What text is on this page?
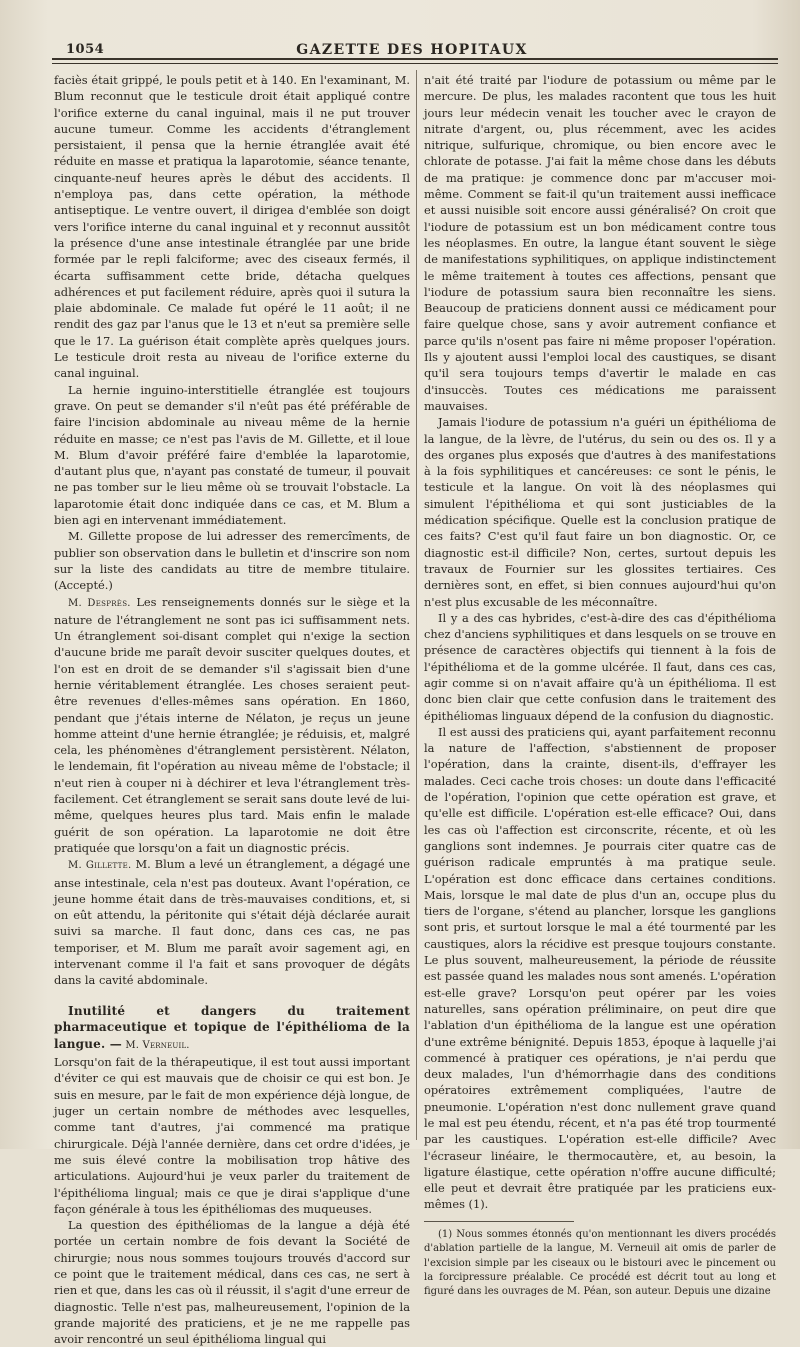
1054	GAZETTE DES HOPITAUX

faciès était grippé, le pouls petit et à 140. En l'examinant, M. Blum reconnut que le testicule droit était appliqué contre l'orifice externe du canal inguinal, mais il ne put trouver aucune tumeur. Comme les accidents d'étranglement persistaient, il pensa que la hernie étranglée avait été réduite en masse et pratiqua la laparotomie, séance tenante, cinquante-neuf heures après le début des accidents. Il n'employa pas, dans cette opération, la méthode antiseptique. Le ventre ouvert, il dirigea d'emblée son doigt vers l'orifice interne du canal inguinal et y reconnut aussitôt la présence d'une anse intestinale étranglée par une bride formée par le repli falciforme; avec des ciseaux fermés, il écarta suffisamment cette bride, détacha quelques adhérences et put facilement réduire, après quoi il sutura la plaie abdominale. Ce malade fut opéré le 11 août; il ne rendit des gaz par l'anus que le 13 et n'eut sa première selle que le 17. La guérison était complète après quelques jours. Le testicule droit resta au niveau de l'orifice externe du canal inguinal.

La hernie inguino-interstitielle étranglée est toujours grave. On peut se demander s'il n'eût pas été préférable de faire l'incision abdominale au niveau même de la hernie réduite en masse; ce n'est pas l'avis de M. Gillette, et il loue M. Blum d'avoir préféré faire d'emblée la laparotomie, d'autant plus que, n'ayant pas constaté de tumeur, il pouvait ne pas tomber sur le lieu même où se trouvait l'obstacle. La laparotomie était donc indiquée dans ce cas, et M. Blum a bien agi en intervenant immédiatement.

M. Gillette propose de lui adresser des remercîments, de publier son observation dans le bulletin et d'inscrire son nom sur la liste des candidats au titre de membre titulaire. (Accepté.)

M. Desprès. Les renseignements donnés sur le siège et la nature de l'étranglement ne sont pas ici suffisamment nets. Un étranglement soi-disant complet qui n'exige la section d'aucune bride me paraît devoir susciter quelques doutes, et l'on est en droit de se demander s'il s'agissait bien d'une hernie véritablement étranglée. Les choses seraient peut-être revenues d'elles-mêmes sans opération. En 1860, pendant que j'étais interne de Nélaton, je reçus un jeune homme atteint d'une hernie étranglée; je réduisis, et, malgré cela, les phénomènes d'étranglement persistèrent. Nélaton, le lendemain, fit l'opération au niveau même de l'obstacle; il n'eut rien à couper ni à déchirer et leva l'étranglement très-facilement. Cet étranglement se serait sans doute levé de lui-même, quelques heures plus tard. Mais enfin le malade guérit de son opération. La laparotomie ne doit être pratiquée que lorsqu'on a fait un diagnostic précis.

M. Gillette. M. Blum a levé un étranglement, a dégagé une anse intestinale, cela n'est pas douteux. Avant l'opération, ce jeune homme était dans de très-mauvaises conditions, et, si on eût attendu, la péritonite qui s'était déjà déclarée aurait suivi sa marche. Il faut donc, dans ces cas, ne pas temporiser, et M. Blum me paraît avoir sagement agi, en intervenant comme il l'a fait et sans provoquer de dégâts dans la cavité abdominale.

Inutilité et dangers du traitement pharmaceutique et topique de l'épithélioma de la langue. — M. Verneuil.

Lorsqu'on fait de la thérapeutique, il est tout aussi important d'éviter ce qui est mauvais que de choisir ce qui est bon. Je suis en mesure, par le fait de mon expérience déjà longue, de juger un certain nombre de méthodes avec lesquelles, comme tant d'autres, j'ai commencé ma pratique chirurgicale. Déjà l'année dernière, dans cet ordre d'idées, je me suis élevé contre la mobilisation trop hâtive des articulations. Aujourd'hui je veux parler du traitement de l'épithélioma lingual; mais ce que je dirai s'applique d'une façon générale à tous les épithéliomas des muqueuses.

La question des épithéliomas de la langue a déjà été portée un certain nombre de fois devant la Société de chirurgie; nous nous sommes toujours trouvés d'accord sur ce point que le traitement médical, dans ces cas, ne sert à rien et que, dans les cas où il réussit, il s'agit d'une erreur de diagnostic. Telle n'est pas, malheureusement, l'opinion de la grande majorité des praticiens, et je ne me rappelle pas avoir rencontré un seul épithélioma lingual qui

n'ait été traité par l'iodure de potassium ou même par le mercure. De plus, les malades racontent que tous les huit jours leur médecin venait les toucher avec le crayon de nitrate d'argent, ou, plus récemment, avec les acides nitrique, sulfurique, chromique, ou bien encore avec le chlorate de potasse. J'ai fait la même chose dans les débuts de ma pratique: je commence donc par m'accuser moi-même. Comment se fait-il qu'un traitement aussi inefficace et aussi nuisible soit encore aussi généralisé? On croit que l'iodure de potassium est un bon médicament contre tous les néoplasmes. En outre, la langue étant souvent le siège de manifestations syphilitiques, on applique indistinctement le même traitement à toutes ces affections, pensant que l'iodure de potassium saura bien reconnaître les siens. Beaucoup de praticiens donnent aussi ce médicament pour faire quelque chose, sans y avoir autrement confiance et parce qu'ils n'osent pas faire ni même proposer l'opération. Ils y ajoutent aussi l'emploi local des caustiques, se disant qu'il sera toujours temps d'avertir le malade en cas d'insuccès. Toutes ces médications me paraissent mauvaises.

Jamais l'iodure de potassium n'a guéri un épithélioma de la langue, de la lèvre, de l'utérus, du sein ou des os. Il y a des organes plus exposés que d'autres à des manifestations à la fois syphilitiques et cancéreuses: ce sont le pénis, le testicule et la langue. On voit là des néoplasmes qui simulent l'épithélioma et qui sont justiciables de la médication spécifique. Quelle est la conclusion pratique de ces faits? C'est qu'il faut faire un bon diagnostic. Or, ce diagnostic est-il difficile? Non, certes, surtout depuis les travaux de Fournier sur les glossites tertiaires. Ces dernières sont, en effet, si bien connues aujourd'hui qu'on n'est plus excusable de les méconnaître.

Il y a des cas hybrides, c'est-à-dire des cas d'épithélioma chez d'anciens syphilitiques et dans lesquels on se trouve en présence de caractères objectifs qui tiennent à la fois de l'épithélioma et de la gomme ulcérée. Il faut, dans ces cas, agir comme si on n'avait affaire qu'à un épithélioma. Il est donc bien clair que cette confusion dans le traitement des épithéliomas linguaux dépend de la confusion du diagnostic.

Il est aussi des praticiens qui, ayant parfaitement reconnu la nature de l'affection, s'abstiennent de proposer l'opération, dans la crainte, disent-ils, d'effrayer les malades. Ceci cache trois choses: un doute dans l'efficacité de l'opération, l'opinion que cette opération est grave, et qu'elle est difficile. L'opération est-elle efficace? Oui, dans les cas où l'affection est circonscrite, récente, et où les ganglions sont indemnes. Je pourrais citer quatre cas de guérison radicale empruntés à ma pratique seule. L'opération est donc efficace dans certaines conditions. Mais, lorsque le mal date de plus d'un an, occupe plus du tiers de l'organe, s'étend au plancher, lorsque les ganglions sont pris, et surtout lorsque le mal a été tourmenté par les caustiques, alors la récidive est presque toujours constante. Le plus souvent, malheureusement, la période de réussite est passée quand les malades nous sont amenés. L'opération est-elle grave? Lorsqu'on peut opérer par les voies naturelles, sans opération préliminaire, on peut dire que l'ablation d'un épithélioma de la langue est une opération d'une extrême bénignité. Depuis 1853, époque à laquelle j'ai commencé à pratiquer ces opérations, je n'ai perdu que deux malades, l'un d'hémorrhagie dans des conditions opératoires extrêmement compliquées, l'autre de pneumonie. L'opération n'est donc nullement grave quand le mal est peu étendu, récent, et n'a pas été trop tourmenté par les caustiques. L'opération est-elle difficile? Avec l'écraseur linéaire, le thermocautère, et, au besoin, la ligature élastique, cette opération n'offre aucune difficulté; elle peut et devrait être pratiquée par les praticiens eux-mêmes (1).

(1) Nous sommes étonnés qu'on mentionnant les divers procédés d'ablation partielle de la langue, M. Verneuil ait omis de parler de l'excision simple par les ciseaux ou le bistouri avec le pincement ou la forcipressure préalable. Ce procédé est décrit tout au long et figuré dans les ouvrages de M. Péan, son auteur. Depuis une dizaine
